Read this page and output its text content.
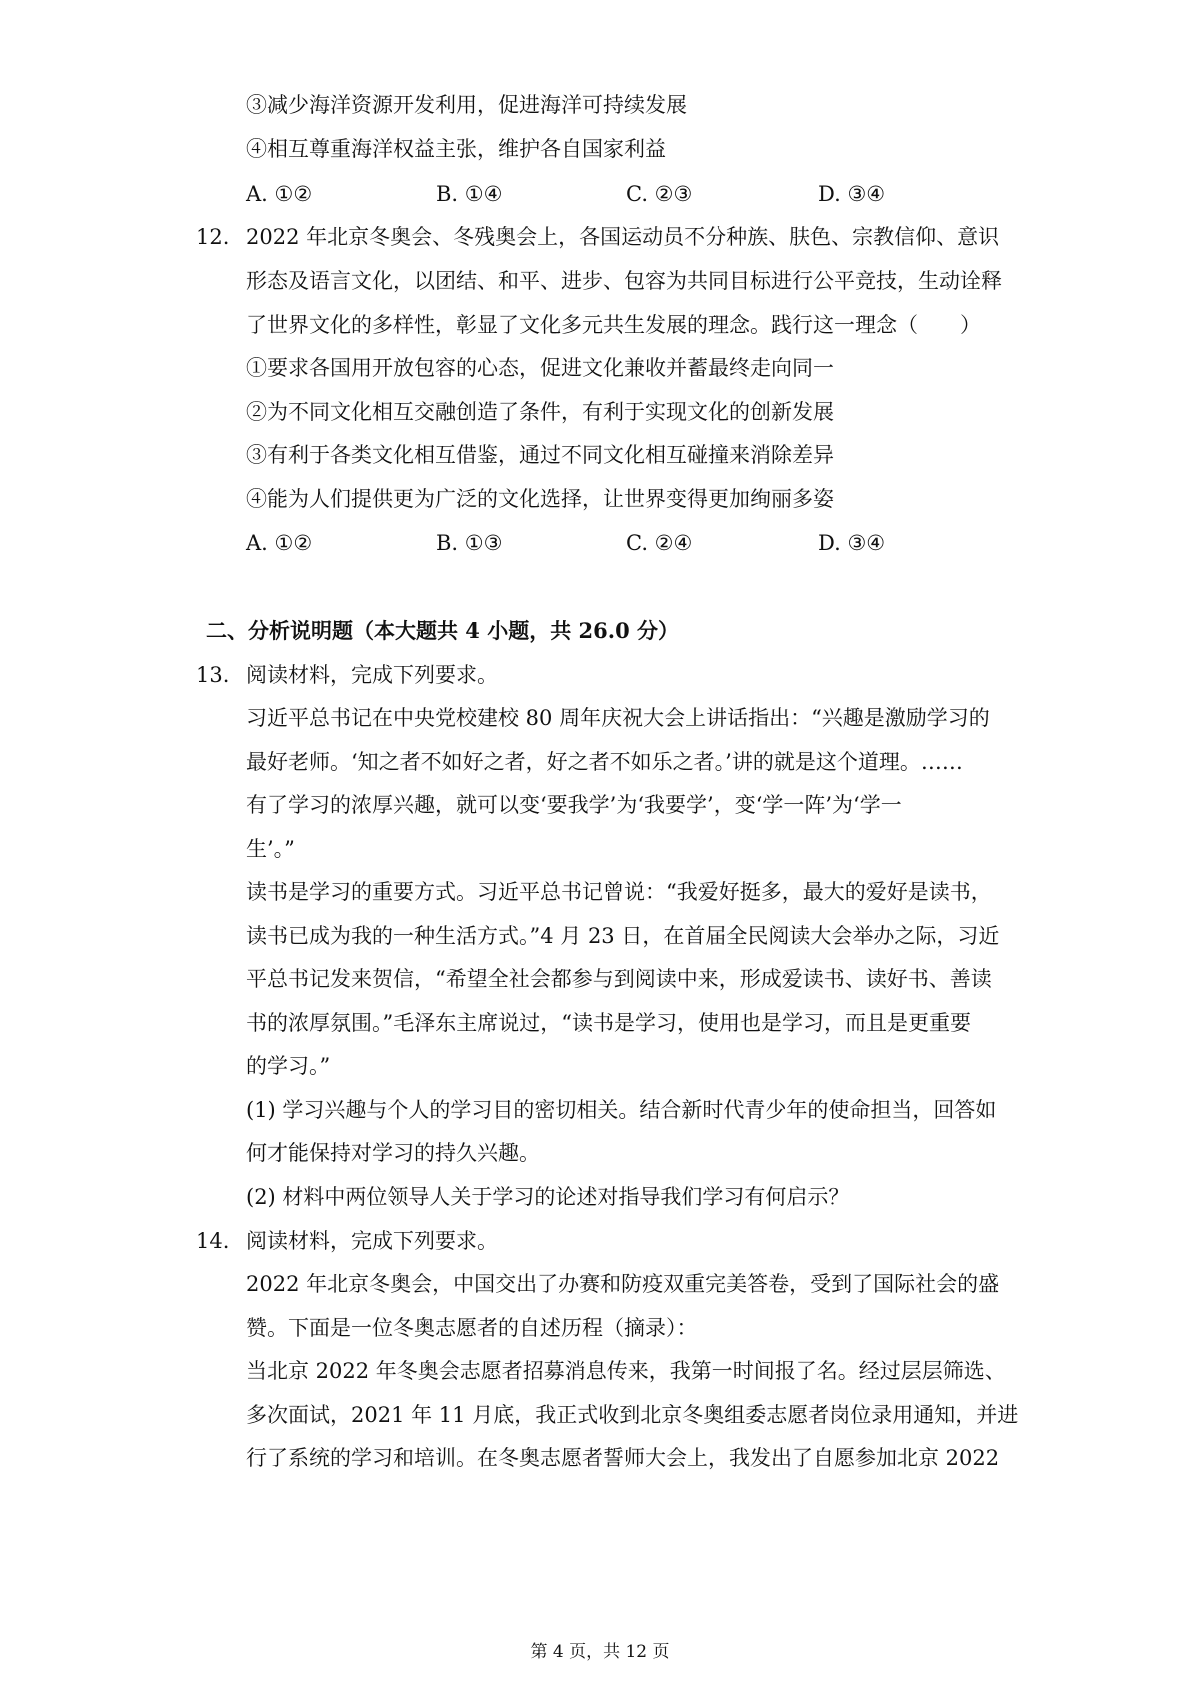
③减少海洋资源开发利用，促进海洋可持续发展
④相互尊重海洋权益主张，维护各自国家利益
A. ①②	B. ①④	C. ②③	D. ③④
12. 2022 年北京冬奥会、冬残奥会上，各国运动员不分种族、肤色、宗教信仰、意识
形态及语言文化，以团结、和平、进步、包容为共同目标进行公平竞技，生动诠释
了世界文化的多样性，彰显了文化多元共生发展的理念。践行这一理念（　　）
①要求各国用开放包容的心态，促进文化兼收并蓄最终走向同一
②为不同文化相互交融创造了条件，有利于实现文化的创新发展
③有利于各类文化相互借鉴，通过不同文化相互碰撞来消除差异
④能为人们提供更为广泛的文化选择，让世界变得更加绚丽多姿
A. ①②	B. ①③	C. ②④	D. ③④
二、分析说明题（本大题共 4 小题，共 26.0 分）
13. 阅读材料，完成下列要求。
习近平总书记在中央党校建校 80 周年庆祝大会上讲话指出：“兴趣是激励学习的
最好老师。‘知之者不如好之者，好之者不如乐之者。’讲的就是这个道理。……
有了学习的浓厚兴趣，就可以变‘要我学’为‘我要学’，变‘学一阵’为‘学一
生’。”
读书是学习的重要方式。习近平总书记曾说：“我爱好挺多，最大的爱好是读书，
读书已成为我的一种生活方式。”4 月 23 日，在首届全民阅读大会举办之际，习近
平总书记发来贺信，“希望全社会都参与到阅读中来，形成爱读书、读好书、善读
书的浓厚氛围。”毛泽东主席说过，“读书是学习，使用也是学习，而且是更重要
的学习。”
(1) 学习兴趣与个人的学习目的密切相关。结合新时代青少年的使命担当，回答如
何才能保持对学习的持久兴趣。
(2) 材料中两位领导人关于学习的论述对指导我们学习有何启示？
14. 阅读材料，完成下列要求。
2022 年北京冬奥会，中国交出了办赛和防疫双重完美答卷，受到了国际社会的盛
赞。下面是一位冬奥志愿者的自述历程（摘录）：
当北京 2022 年冬奥会志愿者招募消息传来，我第一时间报了名。经过层层筛选、
多次面试，2021 年 11 月底，我正式收到北京冬奥组委志愿者岗位录用通知，并进
行了系统的学习和培训。在冬奥志愿者誓师大会上，我发出了自愿参加北京 2022
第 4 页，共 12 页
